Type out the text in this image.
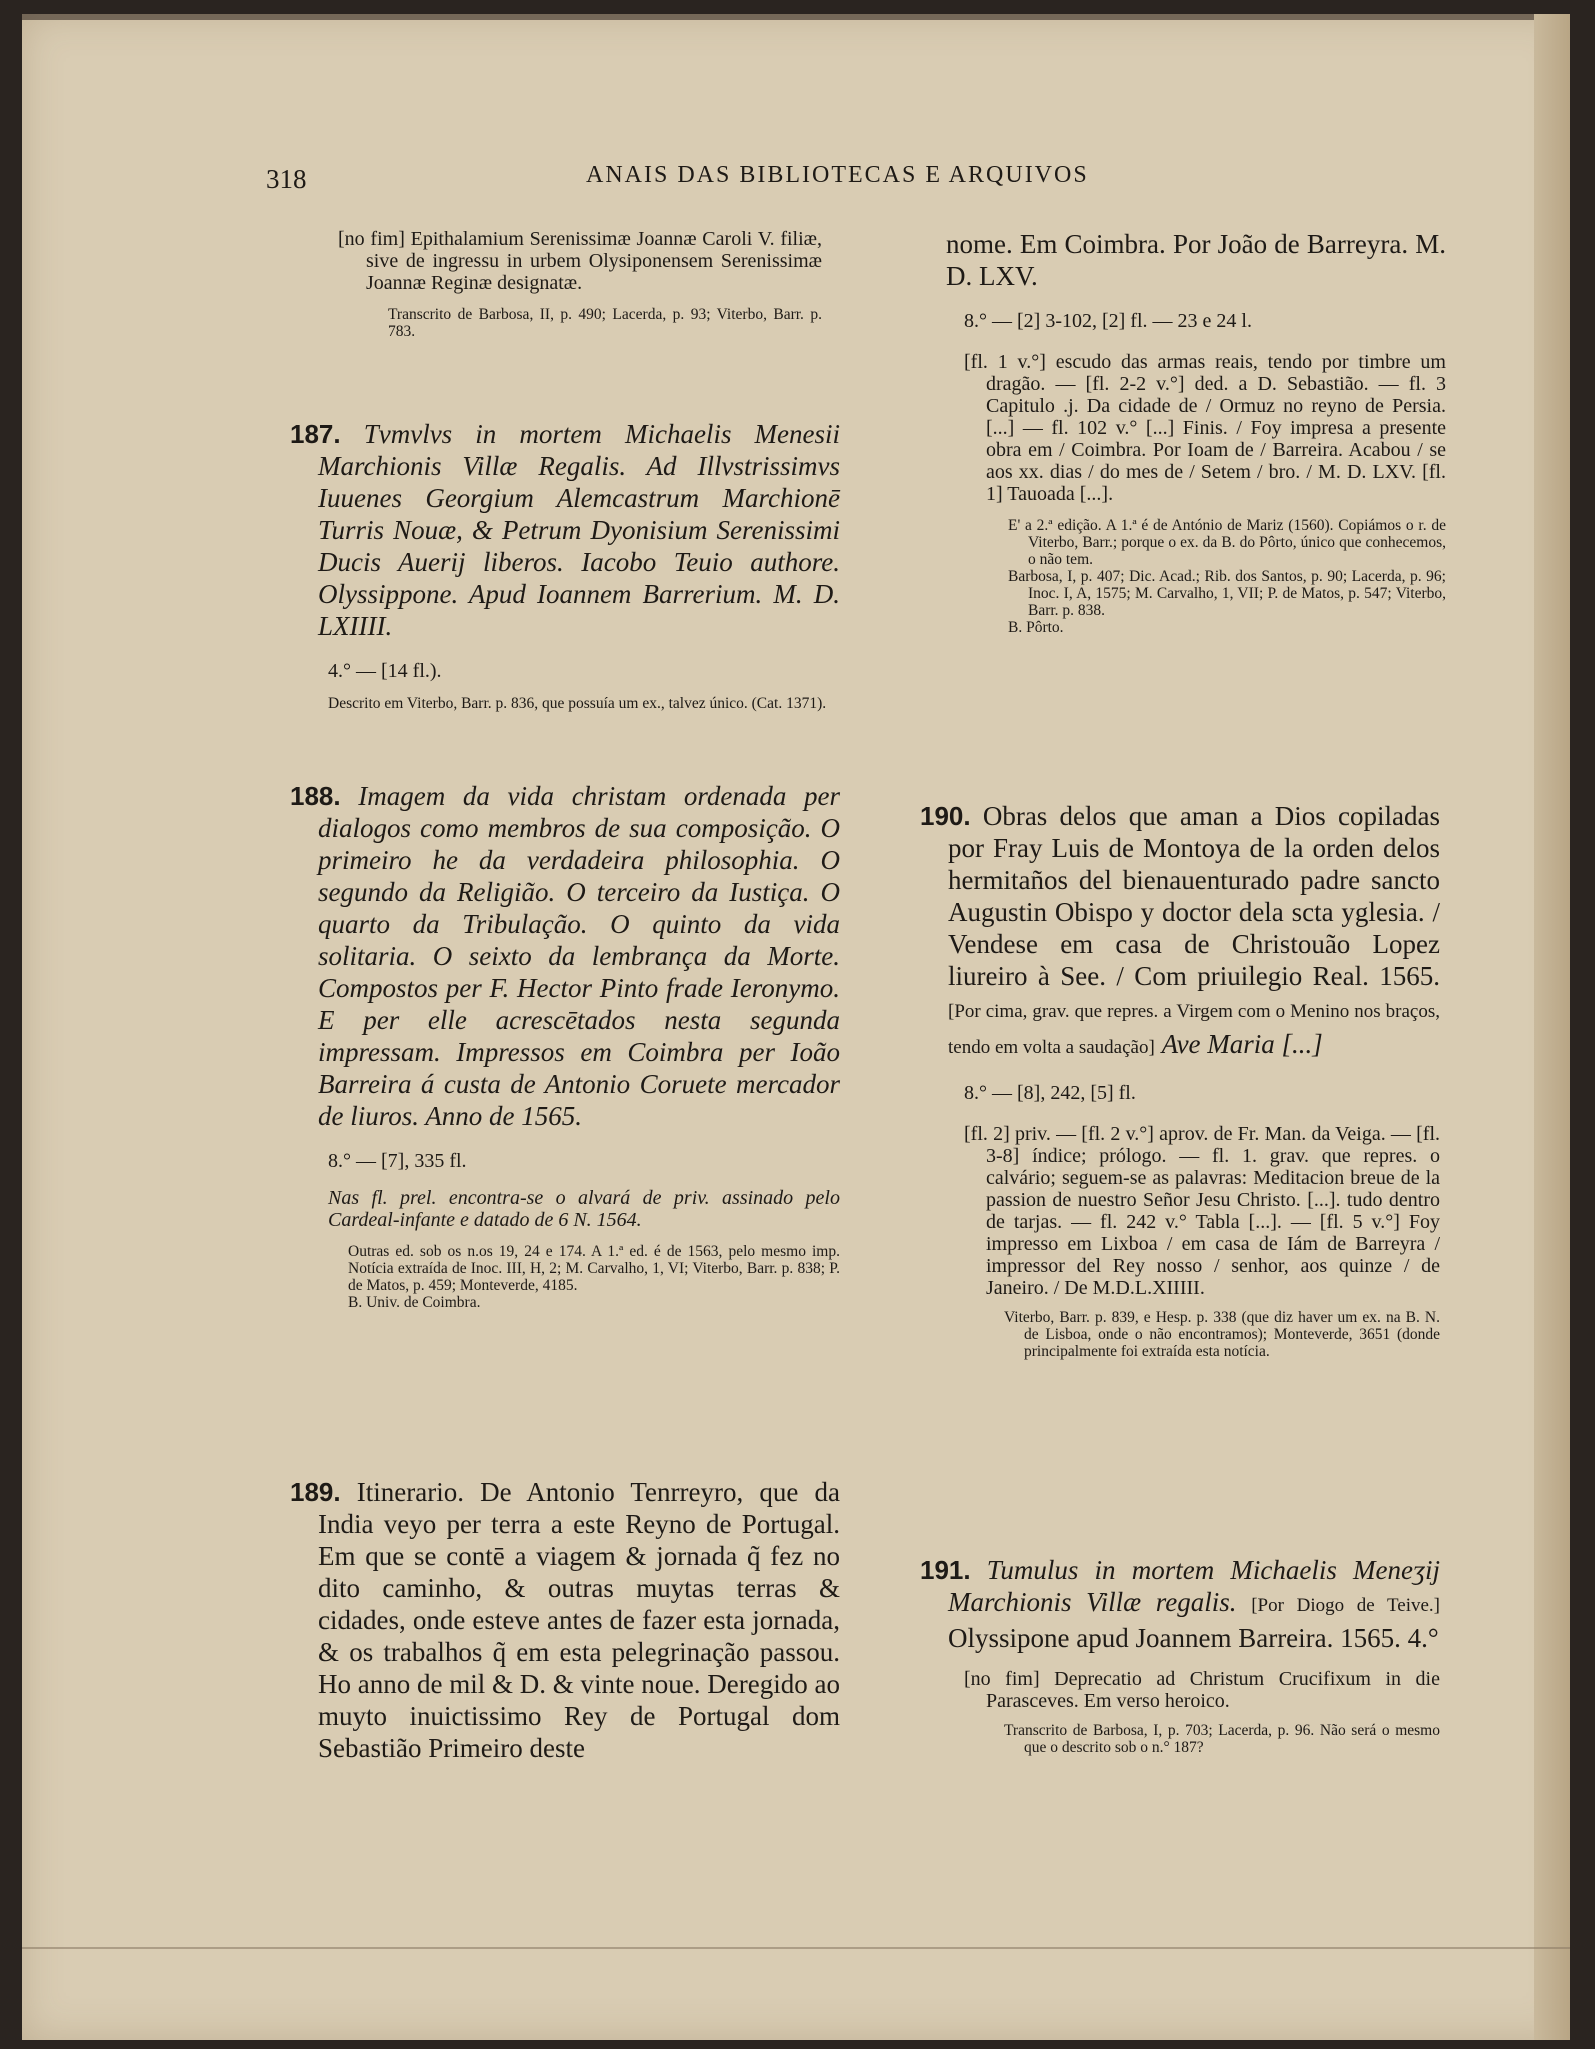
318	ANAIS DAS BIBLIOTECAS E ARQUIVOS

[no fim] Epithalamium Serenissimæ Joannæ Caroli V. filiæ, sive de ingressu in urbem Olysiponensem Serenissimæ Joannæ Reginæ designatæ.

Transcrito de Barbosa, II, p. 490; Lacerda, p. 93; Viterbo, Barr. p. 783.

187. Tvmvlvs in mortem Michaelis Menesii Marchionis Villæ Regalis. Ad Illvstrissimvs Iuuenes Georgium Alemcastrum Marchionē Turris Nouæ, & Petrum Dyonisium Serenissimi Ducis Auerij liberos. Iacobo Teuio authore. Olyssippone. Apud Ioannem Barrerium. M. D. LXIIII.

4.° — [14 fl.).

Descrito em Viterbo, Barr. p. 836, que possuía um ex., talvez único. (Cat. 1371).

188. Imagem da vida christam ordenada per dialogos como membros de sua composição. O primeiro he da verdadeira philosophia. O segundo da Religião. O terceiro da Iustiça. O quarto da Tribulação. O quinto da vida solitaria. O seixto da lembrança da Morte. Compostos per F. Hector Pinto frade Ieronymo. E per elle acrescētados nesta segunda impressam. Impressos em Coimbra per Ioão Barreira á custa de Antonio Coruete mercador de liuros. Anno de 1565.

8.° — [7], 335 fl.

Nas fl. prel. encontra-se o alvará de priv. assinado pelo Cardeal-infante e datado de 6 N. 1564.

Outras ed. sob os n.os 19, 24 e 174. A 1.ª ed. é de 1563, pelo mesmo imp. Notícia extraída de Inoc. III, H, 2; M. Carvalho, 1, VI; Viterbo, Barr. p. 838; P. de Matos, p. 459; Monteverde, 4185.

B. Univ. de Coimbra.

189. Itinerario. De Antonio Tenrreyro, que da India veyo per terra a este Reyno de Portugal. Em que se contē a viagem & jornada q̃ fez no dito caminho, & outras muytas terras & cidades, onde esteve antes de fazer esta jornada, & os trabalhos q̃ em esta pelegrinação passou. Ho anno de mil & D. & vinte noue. Deregido ao muyto inuictissimo Rey de Portugal dom Sebastião Primeiro deste

nome. Em Coimbra. Por João de Barreyra. M. D. LXV.

8.° — [2] 3-102, [2] fl. — 23 e 24 l.

[fl. 1 v.°] escudo das armas reais, tendo por timbre um dragão. — [fl. 2-2 v.°] ded. a D. Sebastião. — fl. 3 Capitulo .j. Da cidade de / Ormuz no reyno de Persia. [...] — fl. 102 v.° [...] Finis. / Foy impresa a presente obra em / Coimbra. Por Ioam de / Barreira. Acabou / se aos xx. dias / do mes de / Setem / bro. / M. D. LXV. [fl. 1] Tauoada [...].

E' a 2.ª edição. A 1.ª é de António de Mariz (1560). Copiámos o r. de Viterbo, Barr.; porque o ex. da B. do Pôrto, único que conhecemos, o não tem.

Barbosa, I, p. 407; Dic. Acad.; Rib. dos Santos, p. 90; Lacerda, p. 96; Inoc. I, A, 1575; M. Carvalho, 1, VII; P. de Matos, p. 547; Viterbo, Barr. p. 838.

B. Pôrto.

190. Obras delos que aman a Dios copiladas por Fray Luis de Montoya de la orden delos hermitaños del bienauenturado padre sancto Augustin Obispo y doctor dela scta yglesia. / Vendese em casa de Christouão Lopez liureiro à See. / Com priuilegio Real. 1565. [Por cima, grav. que repres. a Virgem com o Menino nos braços, tendo em volta a saudação] Ave Maria [...]

8.° — [8], 242, [5] fl.

[fl. 2] priv. — [fl. 2 v.°] aprov. de Fr. Man. da Veiga. — [fl. 3-8] índice; prólogo. — fl. 1. grav. que repres. o calvário; seguem-se as palavras: Meditacion breue de la passion de nuestro Señor Jesu Christo. [...]. tudo dentro de tarjas. — fl. 242 v.° Tabla [...]. — [fl. 5 v.°] Foy impresso em Lixboa / em casa de Iám de Barreyra / impressor del Rey nosso / senhor, aos quinze / de Janeiro. / De M.D.L.XIIIII.

Viterbo, Barr. p. 839, e Hesp. p. 338 (que diz haver um ex. na B. N. de Lisboa, onde o não encontramos); Monteverde, 3651 (donde principalmente foi extraída esta notícia.

191. Tumulus in mortem Michaelis Meneʒij Marchionis Villæ regalis. [Por Diogo de Teive.] Olyssipone apud Joannem Barreira. 1565. 4.°

[no fim] Deprecatio ad Christum Crucifixum in die Parasceves. Em verso heroico.

Transcrito de Barbosa, I, p. 703; Lacerda, p. 96. Não será o mesmo que o descrito sob o n.° 187?
